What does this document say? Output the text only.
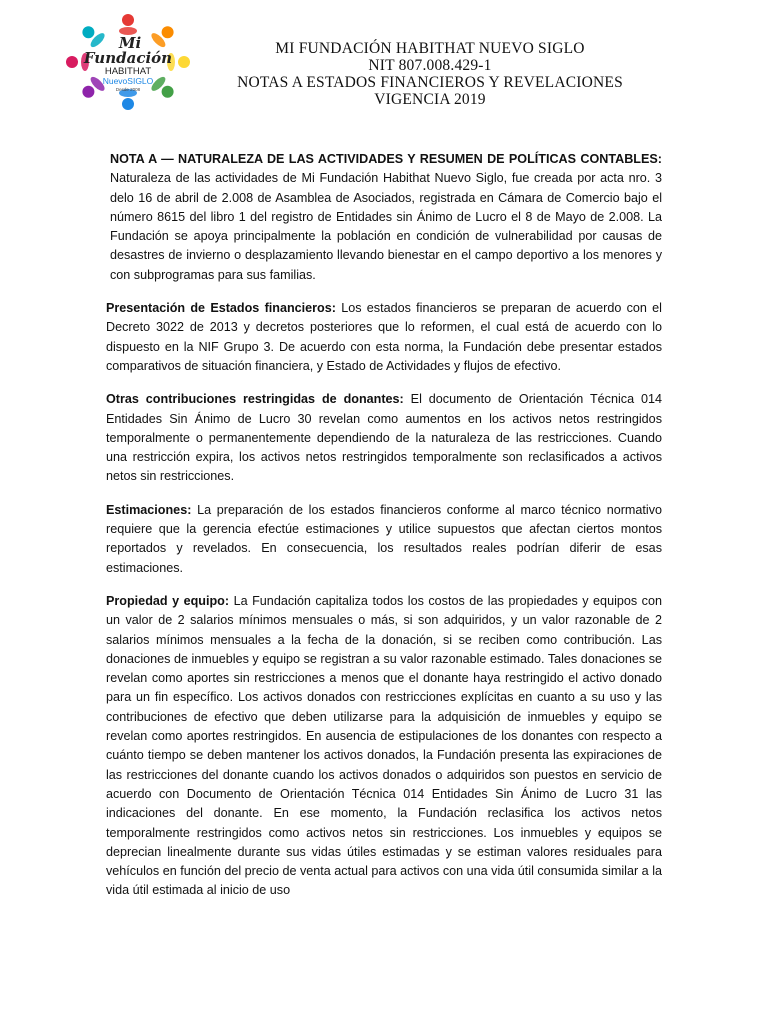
Mi
Fundación
HABITHAT
NuevoSIGLO
Desde 2008
MI FUNDACIÓN HABITHAT NUEVO SIGLO
NIT 807.008.429-1
NOTAS A ESTADOS FINANCIEROS Y REVELACIONES
VIGENCIA 2019

NOTA A — NATURALEZA DE LAS ACTIVIDADES Y RESUMEN DE POLÍTICAS CONTABLES: Naturaleza de las actividades de Mi Fundación Habithat Nuevo Siglo, fue creada por acta nro. 3 delo 16 de abril de 2.008 de Asamblea de Asociados, registrada en Cámara de Comercio bajo el número 8615 del libro 1 del registro de Entidades sin Ánimo de Lucro el 8 de Mayo de 2.008. La Fundación se apoya principalmente la población en condición de vulnerabilidad por causas de desastres de invierno o desplazamiento llevando bienestar en el campo deportivo a los menores y con subprogramas para sus familias.

Presentación de Estados financieros: Los estados financieros se preparan de acuerdo con el Decreto 3022 de 2013 y decretos posteriores que lo reformen, el cual está de acuerdo con lo dispuesto en la NIF Grupo 3. De acuerdo con esta norma, la Fundación debe presentar estados comparativos de situación financiera, y Estado de Actividades y flujos de efectivo.

Otras contribuciones restringidas de donantes: El documento de Orientación Técnica 014 Entidades Sin Ánimo de Lucro 30 revelan como aumentos en los activos netos restringidos temporalmente o permanentemente dependiendo de la naturaleza de las restricciones. Cuando una restricción expira, los activos netos restringidos temporalmente son reclasificados a activos netos sin restricciones.

Estimaciones: La preparación de los estados financieros conforme al marco técnico normativo requiere que la gerencia efectúe estimaciones y utilice supuestos que afectan ciertos montos reportados y revelados. En consecuencia, los resultados reales podrían diferir de esas estimaciones.

Propiedad y equipo: La Fundación capitaliza todos los costos de las propiedades y equipos con un valor de 2 salarios mínimos mensuales o más, si son adquiridos, y un valor razonable de 2 salarios mínimos mensuales a la fecha de la donación, si se reciben como contribución. Las donaciones de inmuebles y equipo se registran a su valor razonable estimado. Tales donaciones se revelan como aportes sin restricciones a menos que el donante haya restringido el activo donado para un fin específico. Los activos donados con restricciones explícitas en cuanto a su uso y las contribuciones de efectivo que deben utilizarse para la adquisición de inmuebles y equipo se revelan como aportes restringidos. En ausencia de estipulaciones de los donantes con respecto a cuánto tiempo se deben mantener los activos donados, la Fundación presenta las expiraciones de las restricciones del donante cuando los activos donados o adquiridos son puestos en servicio de acuerdo con Documento de Orientación Técnica 014 Entidades Sin Ánimo de Lucro 31 las indicaciones del donante. En ese momento, la Fundación reclasifica los activos netos temporalmente restringidos como activos netos sin restricciones. Los inmuebles y equipos se deprecian linealmente durante sus vidas útiles estimadas y se estiman valores residuales para vehículos en función del precio de venta actual para activos con una vida útil consumida similar a la vida útil estimada al inicio de uso
